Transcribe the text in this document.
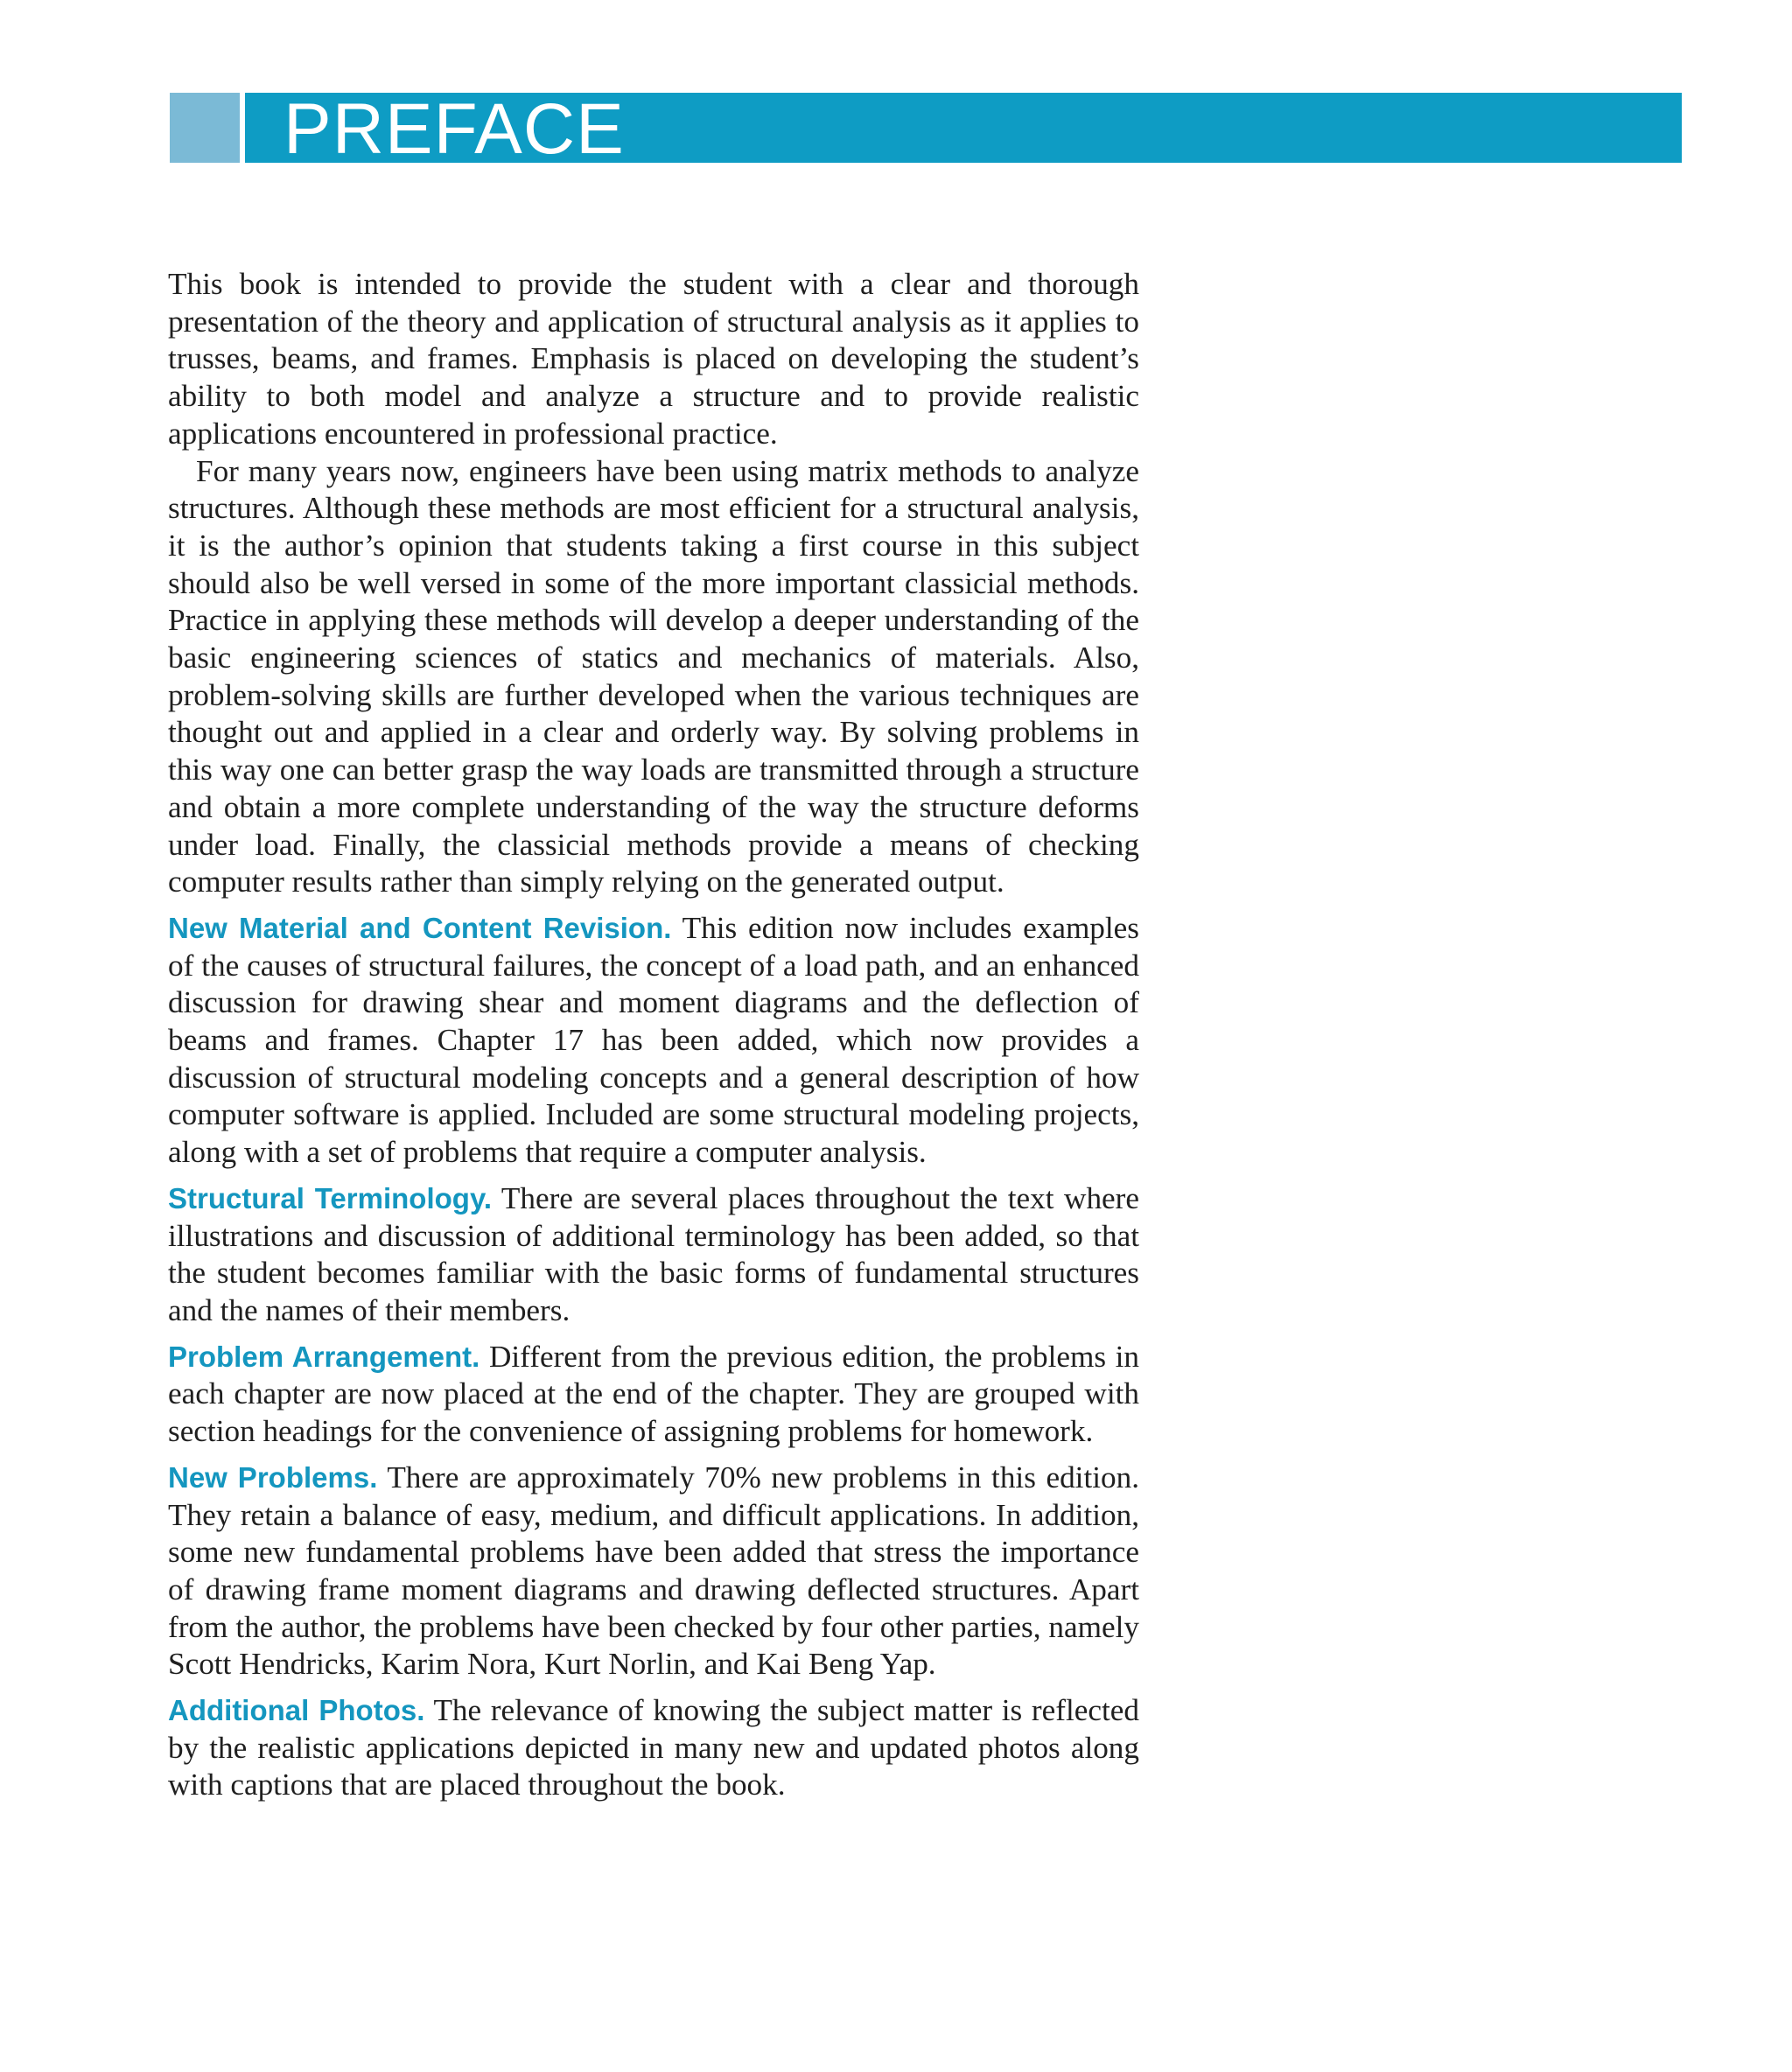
PREFACE

This book is intended to provide the student with a clear and thorough presentation of the theory and application of structural analysis as it applies to trusses, beams, and frames. Emphasis is placed on developing the student’s ability to both model and analyze a structure and to provide realistic applications encountered in professional practice.

For many years now, engineers have been using matrix methods to analyze structures. Although these methods are most efficient for a structural analysis, it is the author’s opinion that students taking a first course in this subject should also be well versed in some of the more important classicial methods. Practice in applying these methods will develop a deeper understanding of the basic engineering sciences of statics and mechanics of materials. Also, problem-solving skills are further developed when the various techniques are thought out and applied in a clear and orderly way. By solving problems in this way one can better grasp the way loads are transmitted through a structure and obtain a more complete understanding of the way the structure deforms under load. Finally, the classicial methods provide a means of checking computer results rather than simply relying on the generated output.

New Material and Content Revision. This edition now includes examples of the causes of structural failures, the concept of a load path, and an enhanced discussion for drawing shear and moment diagrams and the deflection of beams and frames. Chapter 17 has been added, which now provides a discussion of structural modeling concepts and a general description of how computer software is applied. Included are some structural modeling projects, along with a set of problems that require a computer analysis.

Structural Terminology. There are several places throughout the text where illustrations and discussion of additional terminology has been added, so that the student becomes familiar with the basic forms of fundamental structures and the names of their members.

Problem Arrangement. Different from the previous edition, the problems in each chapter are now placed at the end of the chapter. They are grouped with section headings for the convenience of assigning problems for homework.

New Problems. There are approximately 70% new problems in this edition. They retain a balance of easy, medium, and difficult applications. In addition, some new fundamental problems have been added that stress the importance of drawing frame moment diagrams and drawing deflected structures. Apart from the author, the problems have been checked by four other parties, namely Scott Hendricks, Karim Nora, Kurt Norlin, and Kai Beng Yap.

Additional Photos. The relevance of knowing the subject matter is reflected by the realistic applications depicted in many new and updated photos along with captions that are placed throughout the book.
